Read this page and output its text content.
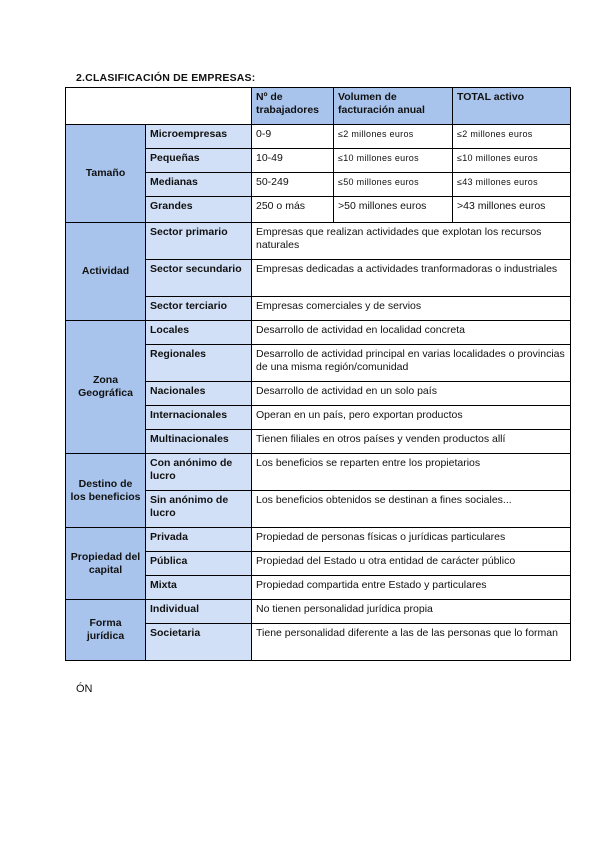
2.CLASIFICACIÓN DE EMPRESAS:
		Nº de trabajadores	Volumen de facturación anual	TOTAL activo
Tamaño	Microempresas	0-9	≤2 millones euros	≤2 millones euros
	Pequeñas	10-49	≤10 millones euros	≤10 millones euros
	Medianas	50-249	≤50 millones euros	≤43 millones euros
	Grandes	250 o más	>50 millones euros	>43 millones euros
Actividad	Sector primario	Empresas que realizan actividades que explotan los recursos naturales		
	Sector secundario	Empresas dedicadas a actividades tranformadoras o industriales		
	Sector terciario	Empresas comerciales y de servios		
Zona Geográfica	Locales	Desarrollo de actividad en localidad concreta		
	Regionales	Desarrollo de actividad principal en varias localidades o provincias de una misma región/comunidad		
	Nacionales	Desarrollo de actividad en un solo país		
	Internacionales	Operan en un país, pero exportan productos		
	Multinacionales	Tienen filiales en otros países y venden productos allí		
Destino de los beneficios	Con anónimo de lucro	Los beneficios se reparten entre los propietarios		
	Sin anónimo de lucro	Los beneficios obtenidos se destinan a fines sociales...		
Propiedad del capital	Privada	Propiedad de personas físicas o jurídicas particulares		
	Pública	Propiedad del Estado u otra entidad de carácter público		
	Mixta	Propiedad compartida entre Estado y particulares		
Forma jurídica	Individual	No tienen personalidad jurídica propia		
	Societaria	Tiene personalidad diferente a las de las personas que lo forman		
ÓN
